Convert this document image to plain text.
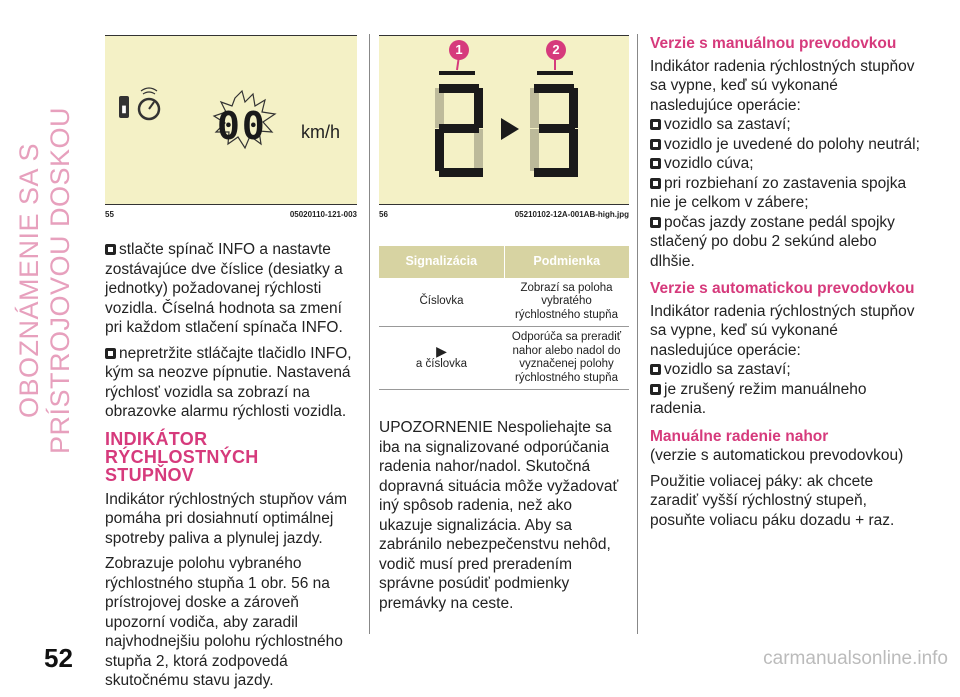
OBOZNÁMENIE SA S PRÍSTROJOVOU DOSKOU
52
▮ 00 km/h
55	05020110-121-003
1	2
56	05210102-12A-001AB-high.jpg

stlačte spínač INFO a nastavte zostávajúce dve číslice (desiatky a jednotky) požadovanej rýchlosti vozidla. Číselná hodnota sa zmení pri každom stlačení spínača INFO.

nepretržite stláčajte tlačidlo INFO, kým sa neozve pípnutie. Nastavená rýchlosť vozidla sa zobrazí na obrazovke alarmu rýchlosti vozidla.

INDIKÁTOR RÝCHLOSTNÝCH STUPŇOV

Indikátor rýchlostných stupňov vám pomáha pri dosiahnutí optimálnej spotreby paliva a plynulej jazdy.

Zobrazuje polohu vybraného rýchlostného stupňa 1 obr. 56 na prístrojovej doske a zároveň upozorní vodiča, aby zaradil najvhodnejšiu polohu rýchlostného stupňa 2, ktorá zodpovedá skutočnému stavu jazdy.

Signalizácia	Podmienka
Číslovka	Zobrazí sa poloha vybratého rýchlostného stupňa

▶
a číslovka	Odporúča sa preradiť nahor alebo nadol do vyznačenej polohy rýchlostného stupňa

UPOZORNENIE Nespoliehajte sa iba na signalizované odporúčania radenia nahor/nadol. Skutočná dopravná situácia môže vyžadovať iný spôsob radenia, než ako ukazuje signalizácia. Aby sa zabránilo nebezpečenstvu nehôd, vodič musí pred preradením správne posúdiť podmienky premávky na ceste.

Verzie s manuálnou prevodovkou

Indikátor radenia rýchlostných stupňov sa vypne, keď sú vykonané nasledujúce operácie:

vozidlo sa zastaví;
vozidlo je uvedené do polohy neutrál;
vozidlo cúva;
pri rozbiehaní zo zastavenia spojka nie je celkom v zábere;
počas jazdy zostane pedál spojky stlačený po dobu 2 sekúnd alebo dlhšie.
Verzie s automatickou prevodovkou

Indikátor radenia rýchlostných stupňov sa vypne, keď sú vykonané nasledujúce operácie:

vozidlo sa zastaví;
je zrušený režim manuálneho radenia.
Manuálne radenie nahor

(verzie s automatickou prevodovkou)

Použitie voliacej páky: ak chcete zaradiť vyšší rýchlostný stupeň, posuňte voliacu páku dozadu + raz.

carmanualsonline.info
